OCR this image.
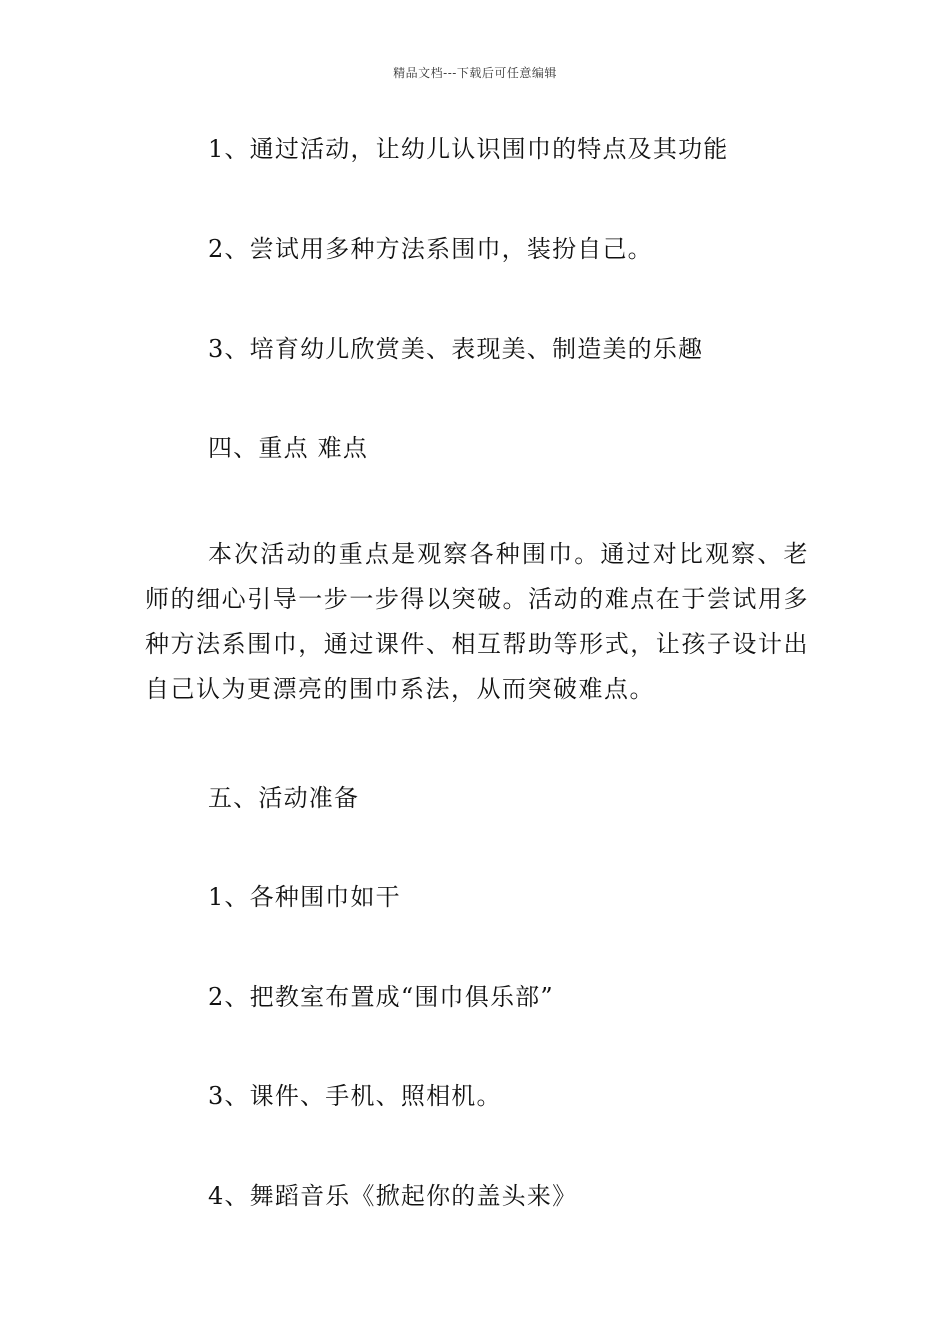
精品文档---下载后可任意编辑
1、通过活动，让幼儿认识围巾的特点及其功能
2、尝试用多种方法系围巾，装扮自己。
3、培育幼儿欣赏美、表现美、制造美的乐趣
四、重点 难点
本次活动的重点是观察各种围巾。通过对比观察、老师的细心引导一步一步得以突破。活动的难点在于尝试用多种方法系围巾，通过课件、相互帮助等形式，让孩子设计出自己认为更漂亮的围巾系法，从而突破难点。
五、活动准备
1、各种围巾如干
2、把教室布置成“围巾俱乐部”
3、课件、手机、照相机。
4、舞蹈音乐《掀起你的盖头来》
